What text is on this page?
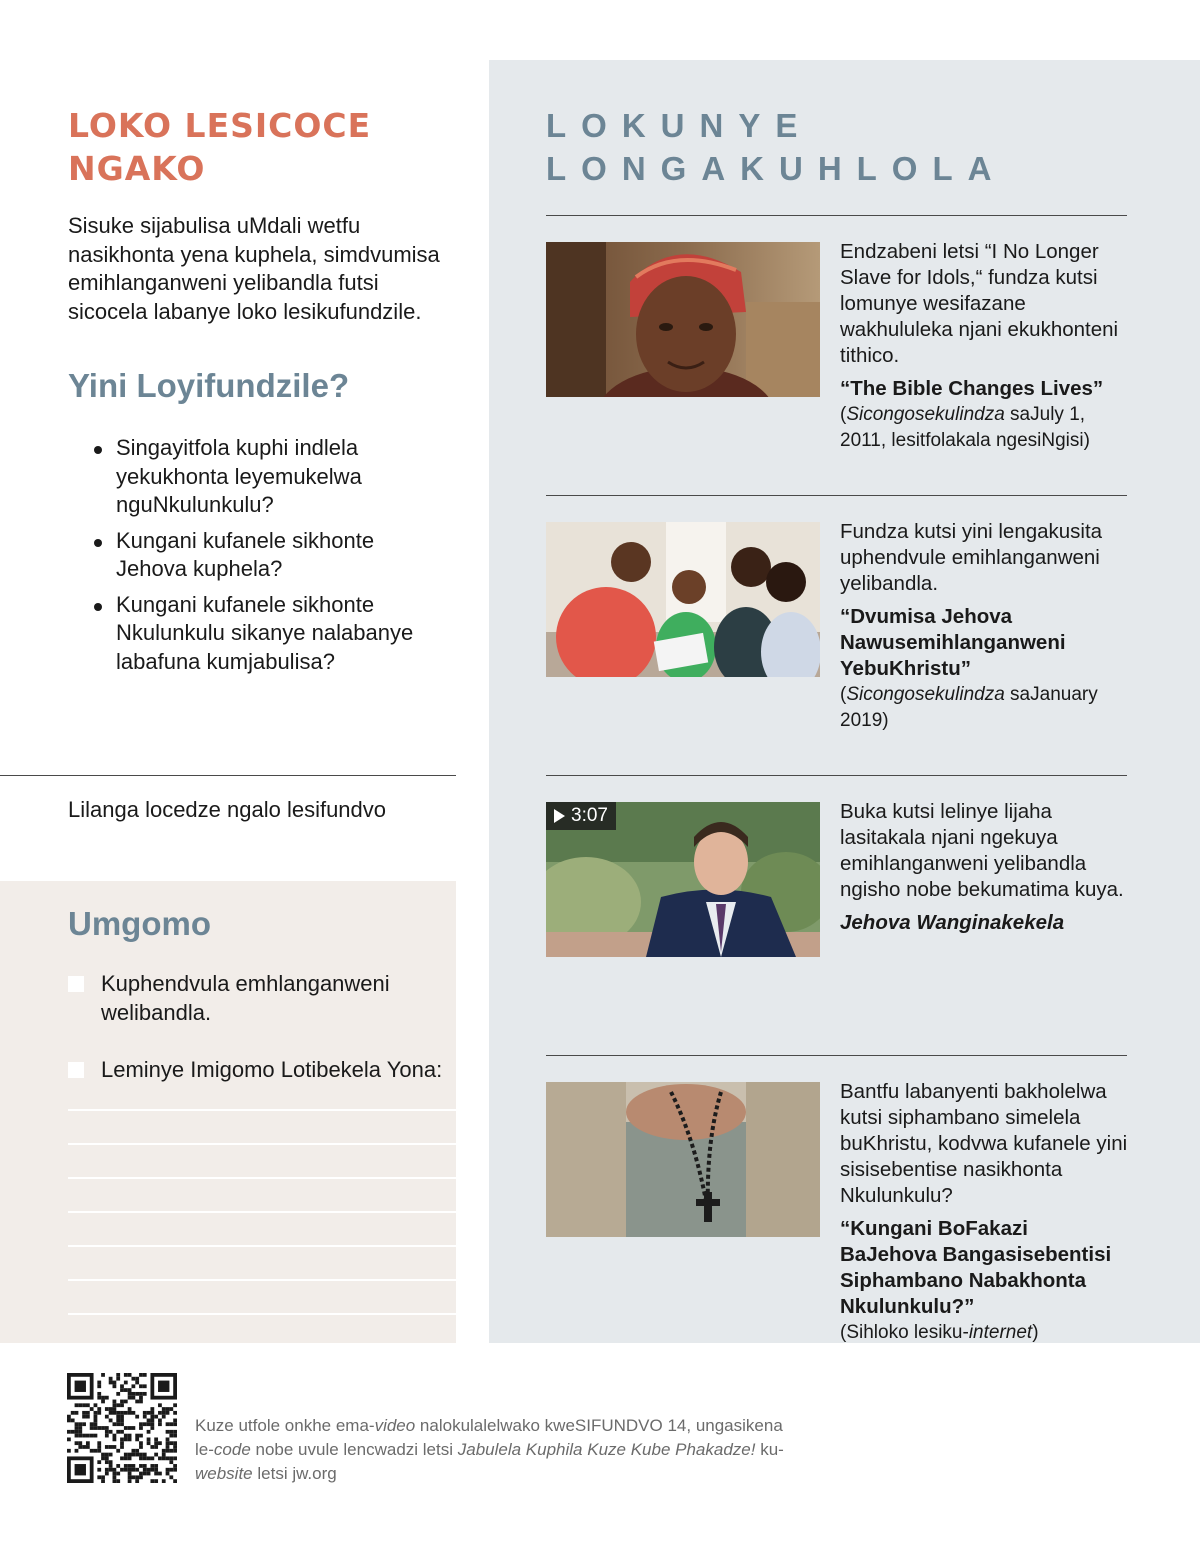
LOKO LESICOCE NGAKO

Sisuke sijabulisa uMdali wetfu nasikhonta yena kuphela, simdvumisa emihlanganweni yelibandla futsi sicocela labanye loko lesikufundzile.

Yini Loyifundzile?
Singayitfola kuphi indlela yekukhonta leyemukelwa nguNkulunkulu?
Kungani kufanele sikhonte Jehova kuphela?
Kungani kufanele sikhonte Nkulunkulu sikanye nalabanye labafuna kumjabulisa?
Lilanga locedze ngalo lesifundvo
Umgomo
Kuphendvula emhlanganweni welibandla.
Leminye Imigomo Lotibekela Yona:
LOKUNYE LONGAKUHLOLA
Endzabeni letsi “I No Longer Slave for Idols,“ fundza kutsi lomunye wesifazane wakhululeka njani ekukhonteni tithico.
“The Bible Changes Lives”
(Sicongosekulindza saJuly 1, 2011, lesitfolakala ngesiNgisi)
Fundza kutsi yini lengakusita uphendvule emihlanganweni yelibandla.
“Dvumisa Jehova Nawusemihlanganweni YebuKhristu”
(Sicongosekulindza saJanuary 2019)
3:07	Buka kutsi lelinye lijaha lasitakala njani ngekuya emihlanganweni yelibandla ngisho nobe bekumatima kuya.
Jehova Wanginakekela
Bantfu labanyenti bakholelwa kutsi siphambano simelela buKhristu, kodvwa kufanele yini sisisebentise nasikhonta Nkulunkulu?
“Kungani BoFakazi BaJehova Bangasisebentisi Siphambano Nabakhonta Nkulunkulu?”
(Sihloko lesiku-internet)

Kuze utfole onkhe ema-video nalokulalelwako kweSIFUNDVO 14, ungasikena le-code nobe uvule lencwadzi letsi Jabulela Kuphila Kuze Kube Phakadze! ku-website letsi jw.org
